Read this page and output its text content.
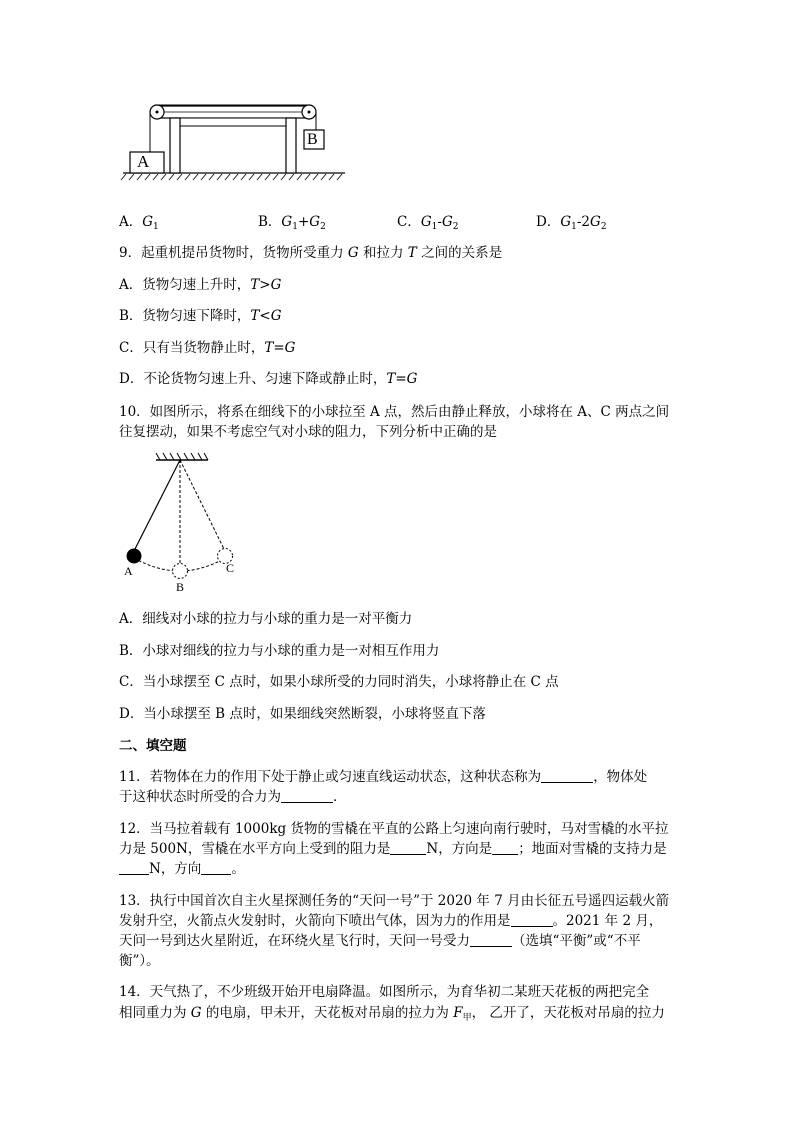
A
B
A．$G_1$	B．$G_1+G_2$	C．$G_1-G_2$	D．$G_1-2G_2$
9．起重机提吊货物时，货物所受重力 G 和拉力 T 之间的关系是
A．货物匀速上升时，T>G
B．货物匀速下降时，T<G
C．只有当货物静止时，T=G
D．不论货物匀速上升、匀速下降或静止时，T=G
10．如图所示，将系在细线下的小球拉至 A 点，然后由静止释放，小球将在 A、C 两点之间
往复摆动，如果不考虑空气对小球的阻力，下列分析中正确的是
A
B
C
A．细线对小球的拉力与小球的重力是一对平衡力
B．小球对细线的拉力与小球的重力是一对相互作用力
C．当小球摆至 C 点时，如果小球所受的力同时消失，小球将静止在 C 点
D．当小球摆至 B 点时，如果细线突然断裂，小球将竖直下落
二、填空题
11．若物体在力的作用下处于静止或匀速直线运动状态，这种状态称为	，物体处
于这种状态时所受的合力为	．
12．当马拉着载有 1000kg 货物的雪橇在平直的公路上匀速向南行驶时，马对雪橇的水平拉
力是 500N，雪橇在水平方向上受到的阻力是	N，方向是 ；地面对雪橇的支持力是
N，方向 。
13．执行中国首次自主火星探测任务的“天问一号”于 2020 年 7 月由长征五号遥四运载火箭
发射升空，火箭点火发射时，火箭向下喷出气体，因为力的作用是	。2021 年 2 月，
天问一号到达火星附近，在环绕火星飞行时，天问一号受力	（选填“平衡”或“不平
衡”）。
14．天气热了，不少班级开始开电扇降温。如图所示，为育华初二某班天花板的两把完全
相同重力为 G 的电扇，甲未开，天花板对吊扇的拉力为 $F_甲$， 乙开了，天花板对吊扇的拉力
